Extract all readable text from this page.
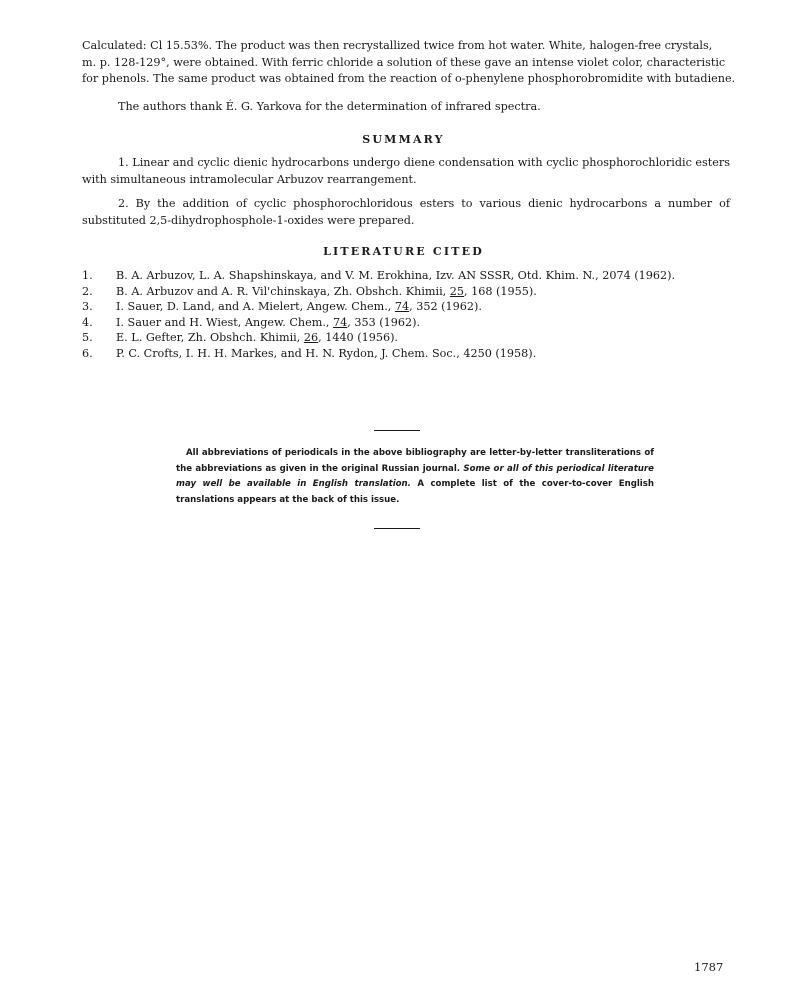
Calculated: Cl 15.53%. The product was then recrystallized twice from hot water. White, halogen-free crystals,
m. p. 128-129°, were obtained. With ferric chloride a solution of these gave an intense violet color, characteristic
for phenols. The same product was obtained from the reaction of o-phenylene phosphorobromidite with butadiene.

The authors thank É. G. Yarkova for the determination of infrared spectra.

SUMMARY

1. Linear and cyclic dienic hydrocarbons undergo diene condensation with cyclic phosphorochloridic esters with simultaneous intramolecular Arbuzov rearrangement.

2. By the addition of cyclic phosphorochloridous esters to various dienic hydrocarbons a number of substituted 2,5-dihydrophosphole-1-oxides were prepared.

LITERATURE CITED
1.	B. A. Arbuzov, L. A. Shapshinskaya, and V. M. Erokhina, Izv. AN SSSR, Otd. Khim. N., 2074 (1962).
2.	B. A. Arbuzov and A. R. Vil'chinskaya, Zh. Obshch. Khimii, 25, 168 (1955).
3.	I. Sauer, D. Land, and A. Mielert, Angew. Chem., 74, 352 (1962).
4.	I. Sauer and H. Wiest, Angew. Chem., 74, 353 (1962).
5.	E. L. Gefter, Zh. Obshch. Khimii, 26, 1440 (1956).
6.	P. C. Crofts, I. H. H. Markes, and H. N. Rydon, J. Chem. Soc., 4250 (1958).

All abbreviations of periodicals in the above bibliography are letter-by-letter transliterations of the abbreviations as given in the original Russian journal. Some or all of this periodical literature may well be available in English translation. A complete list of the cover-to-cover English translations appears at the back of this issue.

1787
